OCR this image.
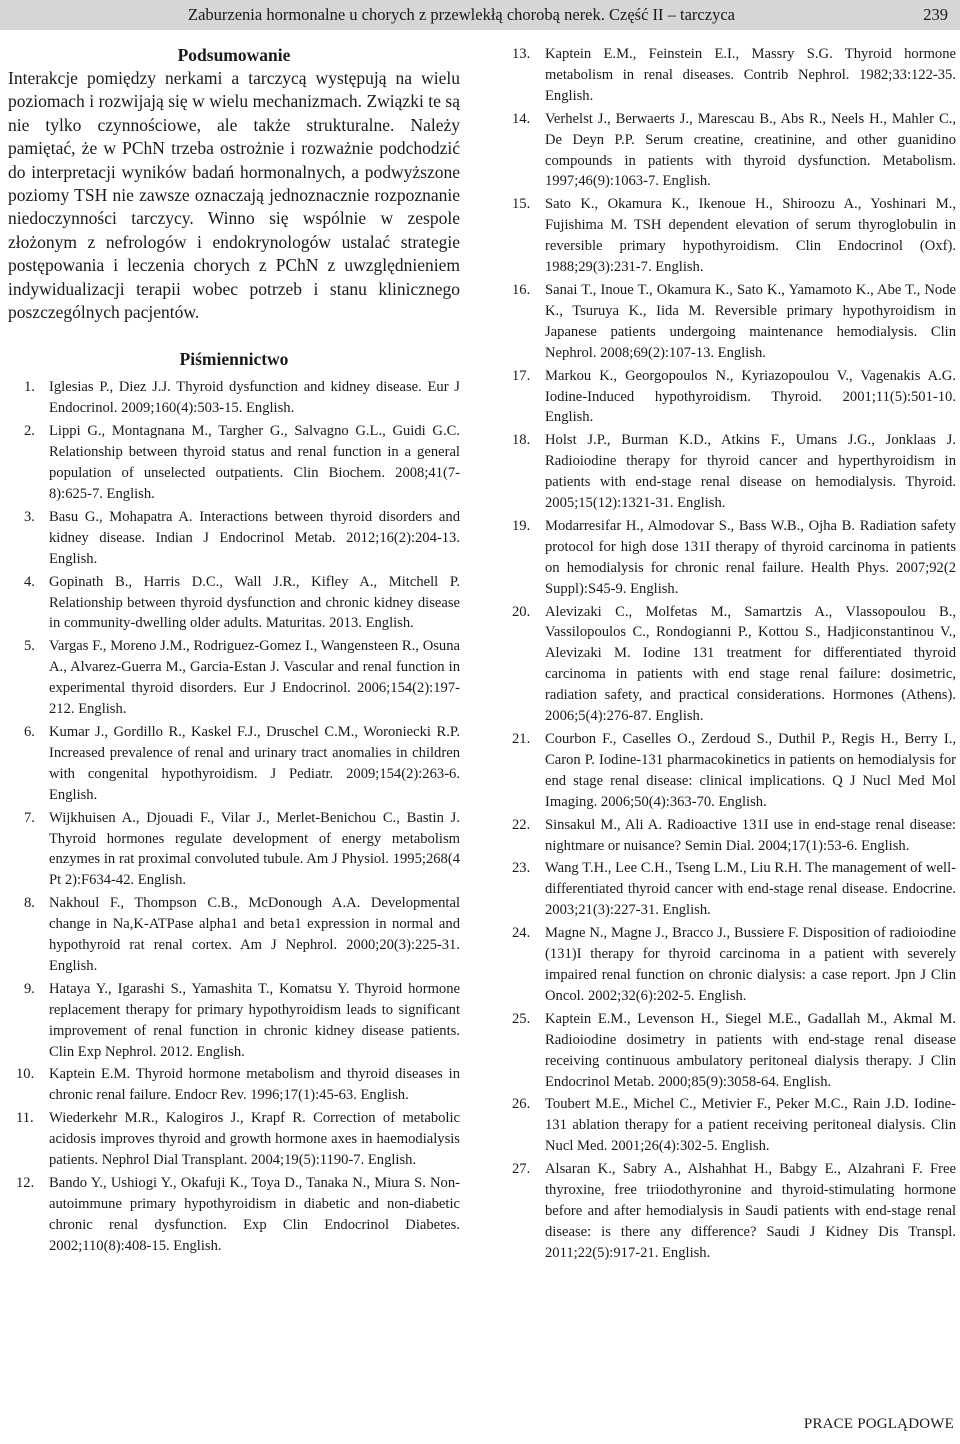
Zaburzenia hormonalne u chorych z przewlekłą chorobą nerek. Część II – tarczyca	239
Podsumowanie

Interakcje pomiędzy nerkami a tarczycą występują na wielu poziomach i rozwijają się w wielu mechanizmach. Związki te są nie tylko czynnościowe, ale także strukturalne. Należy pamiętać, że w PChN trzeba ostrożnie i rozważnie podchodzić do interpretacji wyników badań hormonalnych, a podwyższone poziomy TSH nie zawsze oznaczają jednoznacznie rozpoznanie niedoczynności tarczycy. Winno się wspólnie w zespole złożonym z nefrologów i endokrynologów ustalać strategie postępowania i leczenia chorych z PChN z uwzględnieniem indywidualizacji terapii wobec potrzeb i stanu klinicznego poszczególnych pacjentów.

Piśmiennictwo
1. Iglesias P., Diez J.J. Thyroid dysfunction and kidney disease. Eur J Endocrinol. 2009;160(4):503-15. English.
2. Lippi G., Montagnana M., Targher G., Salvagno G.L., Guidi G.C. Relationship between thyroid status and renal function in a general population of unselected outpatients. Clin Biochem. 2008;41(7-8):625-7. English.
3. Basu G., Mohapatra A. Interactions between thyroid disorders and kidney disease. Indian J Endocrinol Metab. 2012;16(2):204-13. English.
4. Gopinath B., Harris D.C., Wall J.R., Kifley A., Mitchell P. Relationship between thyroid dysfunction and chronic kidney disease in community-dwelling older adults. Maturitas. 2013. English.
5. Vargas F., Moreno J.M., Rodriguez-Gomez I., Wangensteen R., Osuna A., Alvarez-Guerra M., Garcia-Estan J. Vascular and renal function in experimental thyroid disorders. Eur J Endocrinol. 2006;154(2):197-212. English.
6. Kumar J., Gordillo R., Kaskel F.J., Druschel C.M., Woroniecki R.P. Increased prevalence of renal and urinary tract anomalies in children with congenital hypothyroidism. J Pediatr. 2009;154(2):263-6. English.
7. Wijkhuisen A., Djouadi F., Vilar J., Merlet-Benichou C., Bastin J. Thyroid hormones regulate development of energy metabolism enzymes in rat proximal convoluted tubule. Am J Physiol. 1995;268(4 Pt 2):F634-42. English.
8. Nakhoul F., Thompson C.B., McDonough A.A. Developmental change in Na,K-ATPase alpha1 and beta1 expression in normal and hypothyroid rat renal cortex. Am J Nephrol. 2000;20(3):225-31. English.
9. Hataya Y., Igarashi S., Yamashita T., Komatsu Y. Thyroid hormone replacement therapy for primary hypothyroidism leads to significant improvement of renal function in chronic kidney disease patients. Clin Exp Nephrol. 2012. English.
10. Kaptein E.M. Thyroid hormone metabolism and thyroid diseases in chronic renal failure. Endocr Rev. 1996;17(1):45-63. English.
11. Wiederkehr M.R., Kalogiros J., Krapf R. Correction of metabolic acidosis improves thyroid and growth hormone axes in haemodialysis patients. Nephrol Dial Transplant. 2004;19(5):1190-7. English.
12. Bando Y., Ushiogi Y., Okafuji K., Toya D., Tanaka N., Miura S. Non-autoimmune primary hypothyroidism in diabetic and non-diabetic chronic renal dysfunction. Exp Clin Endocrinol Diabetes. 2002;110(8):408-15. English.
13. Kaptein E.M., Feinstein E.I., Massry S.G. Thyroid hormone metabolism in renal diseases. Contrib Nephrol. 1982;33:122-35. English.
14. Verhelst J., Berwaerts J., Marescau B., Abs R., Neels H., Mahler C., De Deyn P.P. Serum creatine, creatinine, and other guanidino compounds in patients with thyroid dysfunction. Metabolism. 1997;46(9):1063-7. English.
15. Sato K., Okamura K., Ikenoue H., Shiroozu A., Yoshinari M., Fujishima M. TSH dependent elevation of serum thyroglobulin in reversible primary hypothyroidism. Clin Endocrinol (Oxf). 1988;29(3):231-7. English.
16. Sanai T., Inoue T., Okamura K., Sato K., Yamamoto K., Abe T., Node K., Tsuruya K., Iida M. Reversible primary hypothyroidism in Japanese patients undergoing maintenance hemodialysis. Clin Nephrol. 2008;69(2):107-13. English.
17. Markou K., Georgopoulos N., Kyriazopoulou V., Vagenakis A.G. Iodine-Induced hypothyroidism. Thyroid. 2001;11(5):501-10. English.
18. Holst J.P., Burman K.D., Atkins F., Umans J.G., Jonklaas J. Radioiodine therapy for thyroid cancer and hyperthyroidism in patients with end-stage renal disease on hemodialysis. Thyroid. 2005;15(12):1321-31. English.
19. Modarresifar H., Almodovar S., Bass W.B., Ojha B. Radiation safety protocol for high dose 131I therapy of thyroid carcinoma in patients on hemodialysis for chronic renal failure. Health Phys. 2007;92(2 Suppl):S45-9. English.
20. Alevizaki C., Molfetas M., Samartzis A., Vlassopoulou B., Vassilopoulos C., Rondogianni P., Kottou S., Hadjiconstantinou V., Alevizaki M. Iodine 131 treatment for differentiated thyroid carcinoma in patients with end stage renal failure: dosimetric, radiation safety, and practical considerations. Hormones (Athens). 2006;5(4):276-87. English.
21. Courbon F., Caselles O., Zerdoud S., Duthil P., Regis H., Berry I., Caron P. Iodine-131 pharmacokinetics in patients on hemodialysis for end stage renal disease: clinical implications. Q J Nucl Med Mol Imaging. 2006;50(4):363-70. English.
22. Sinsakul M., Ali A. Radioactive 131I use in end-stage renal disease: nightmare or nuisance? Semin Dial. 2004;17(1):53-6. English.
23. Wang T.H., Lee C.H., Tseng L.M., Liu R.H. The management of well-differentiated thyroid cancer with end-stage renal disease. Endocrine. 2003;21(3):227-31. English.
24. Magne N., Magne J., Bracco J., Bussiere F. Disposition of radioiodine (131)I therapy for thyroid carcinoma in a patient with severely impaired renal function on chronic dialysis: a case report. Jpn J Clin Oncol. 2002;32(6):202-5. English.
25. Kaptein E.M., Levenson H., Siegel M.E., Gadallah M., Akmal M. Radioiodine dosimetry in patients with end-stage renal disease receiving continuous ambulatory peritoneal dialysis therapy. J Clin Endocrinol Metab. 2000;85(9):3058-64. English.
26. Toubert M.E., Michel C., Metivier F., Peker M.C., Rain J.D. Iodine-131 ablation therapy for a patient receiving peritoneal dialysis. Clin Nucl Med. 2001;26(4):302-5. English.
27. Alsaran K., Sabry A., Alshahhat H., Babgy E., Alzahrani F. Free thyroxine, free triiodothyronine and thyroid-stimulating hormone before and after hemodialysis in Saudi patients with end-stage renal disease: is there any difference? Saudi J Kidney Dis Transpl. 2011;22(5):917-21. English.
PRACE POGLĄDOWE
